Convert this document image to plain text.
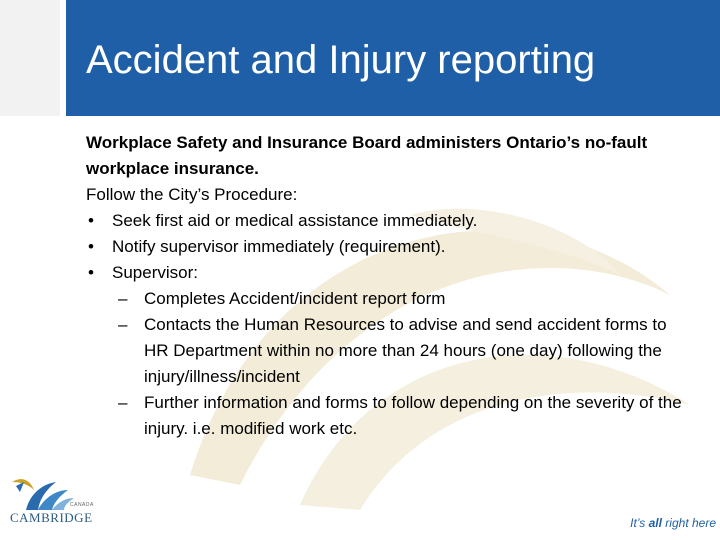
Accident and Injury reporting
Workplace Safety and Insurance Board administers Ontario’s no-fault workplace insurance.
Follow the City’s Procedure:
• Seek first aid or medical assistance immediately.
• Notify supervisor immediately (requirement).
• Supervisor:
– Completes Accident/incident report form
– Contacts the Human Resources to advise and send accident forms to HR Department within no more than 24 hours (one day) following the injury/illness/incident
– Further information and forms to follow depending on the severity of the injury. i.e. modified work etc.
CANADA
CAMBRIDGE	It’s all right here
